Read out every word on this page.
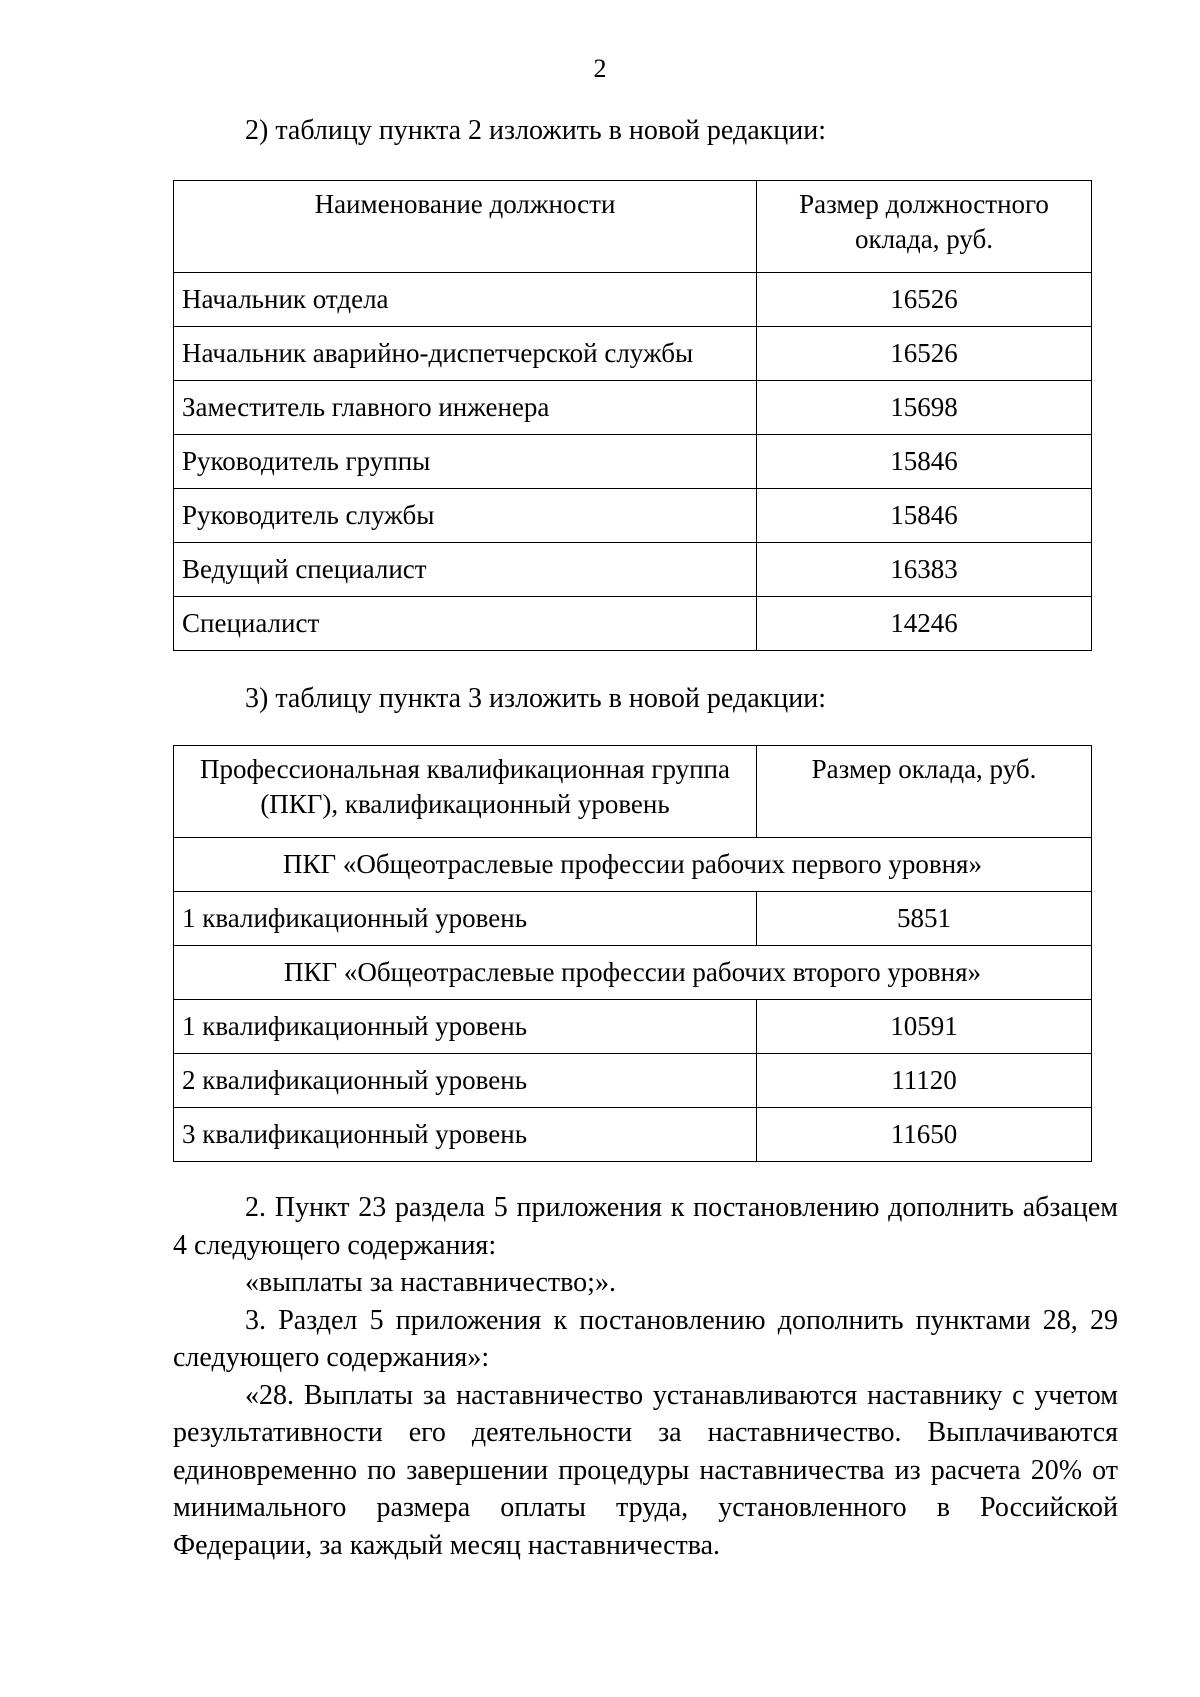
2
2) таблицу пункта 2 изложить в новой редакции:
Наименование должности	Размер должностного оклада, руб.
Начальник отдела	16526
Начальник аварийно-диспетчерской службы	16526
Заместитель главного инженера	15698
Руководитель группы	15846
Руководитель службы	15846
Ведущий специалист	16383
Специалист	14246
3) таблицу пункта 3 изложить в новой редакции:
Профессиональная квалификационная группа (ПКГ), квалификационный уровень	Размер оклада, руб.
ПКГ «Общеотраслевые профессии рабочих первого уровня»	
1 квалификационный уровень	5851
ПКГ «Общеотраслевые профессии рабочих второго уровня»	
1 квалификационный уровень	10591
2 квалификационный уровень	11120
3 квалификационный уровень	11650

2. Пункт 23 раздела 5 приложения к постановлению дополнить абзацем 4 следующего содержания:

«выплаты за наставничество;».

3. Раздел 5 приложения к постановлению дополнить пунктами 28, 29 следующего содержания»:

«28. Выплаты за наставничество устанавливаются наставнику с учетом результативности его деятельности за наставничество. Выплачиваются единовременно по завершении процедуры наставничества из расчета 20% от минимального размера оплаты труда, установленного в Российской Федерации, за каждый месяц наставничества.
